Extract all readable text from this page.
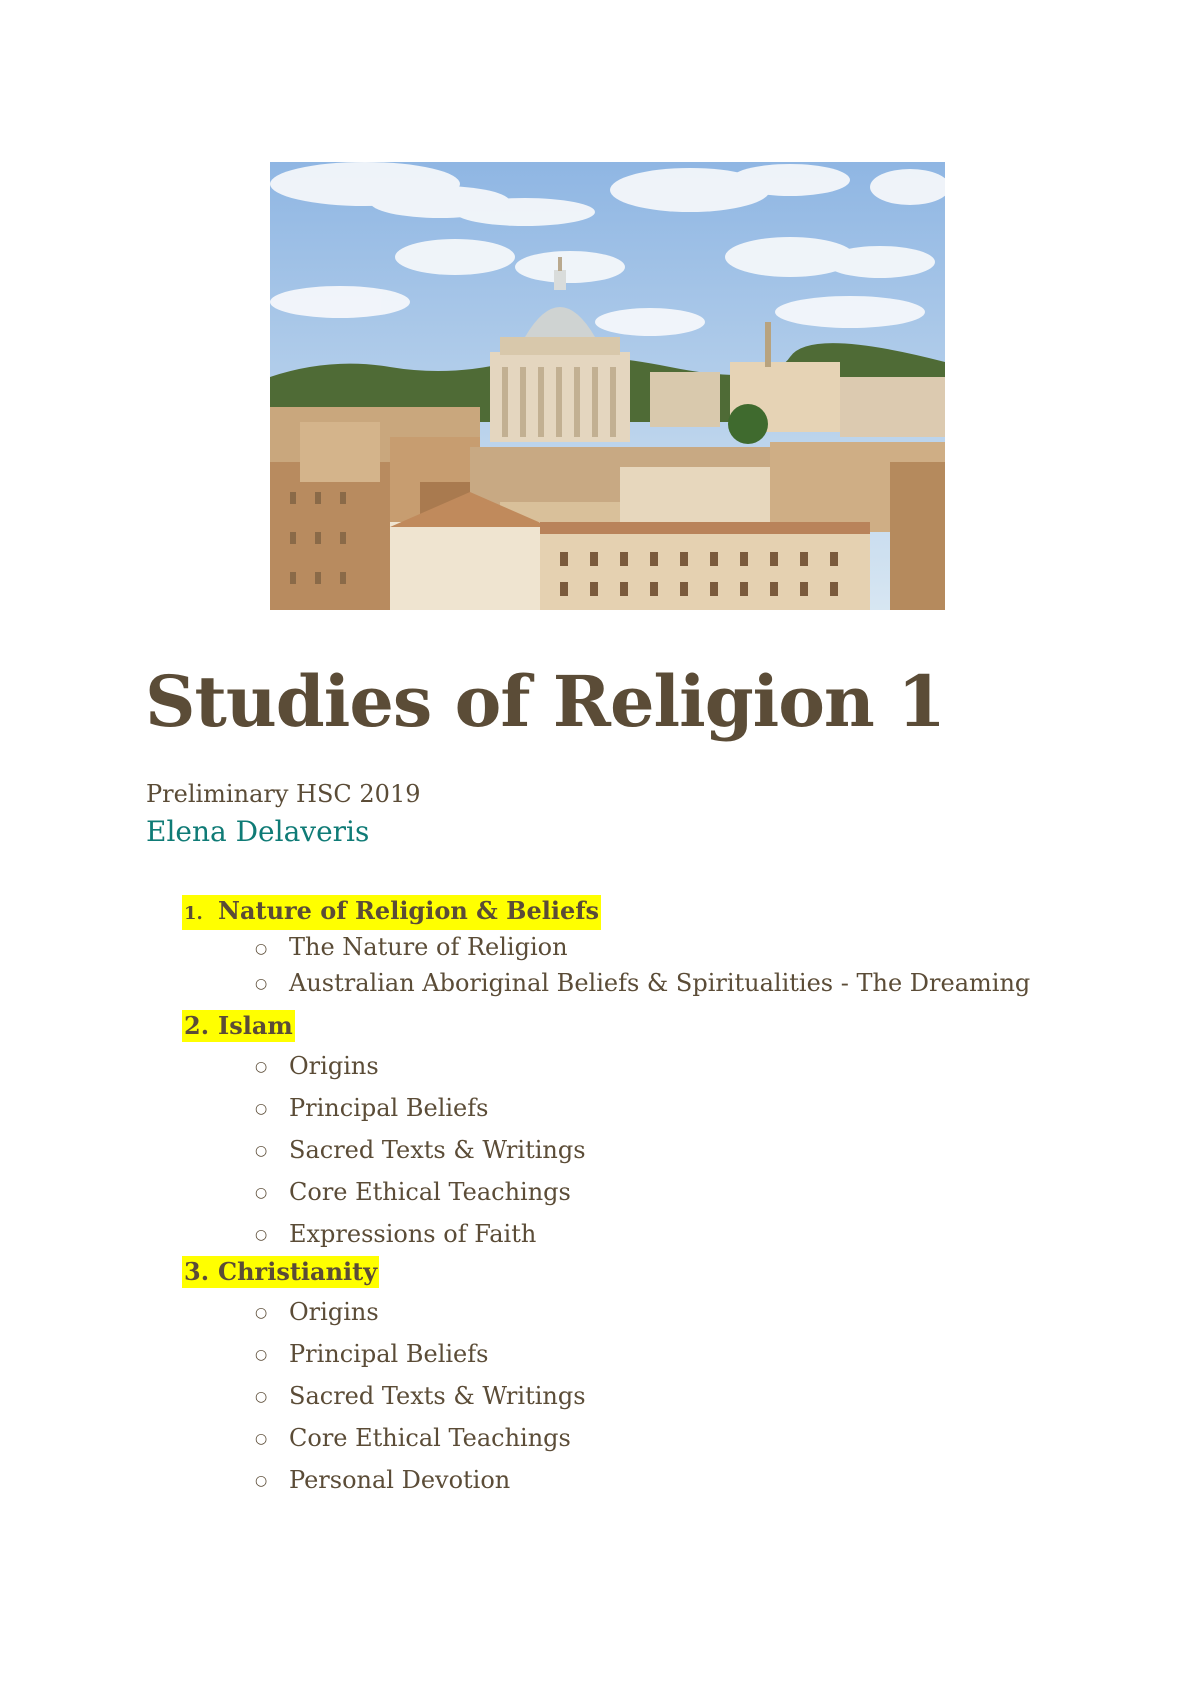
Studies of Religion 1
Preliminary HSC 2019
Elena Delaveris
1. Nature of Religion & Beliefs
○ The Nature of Religion
○ Australian Aboriginal Beliefs & Spiritualities - The Dreaming
2. Islam
○ Origins
○ Principal Beliefs
○ Sacred Texts & Writings
○ Core Ethical Teachings
○ Expressions of Faith
3. Christianity
○ Origins
○ Principal Beliefs
○ Sacred Texts & Writings
○ Core Ethical Teachings
○ Personal Devotion
